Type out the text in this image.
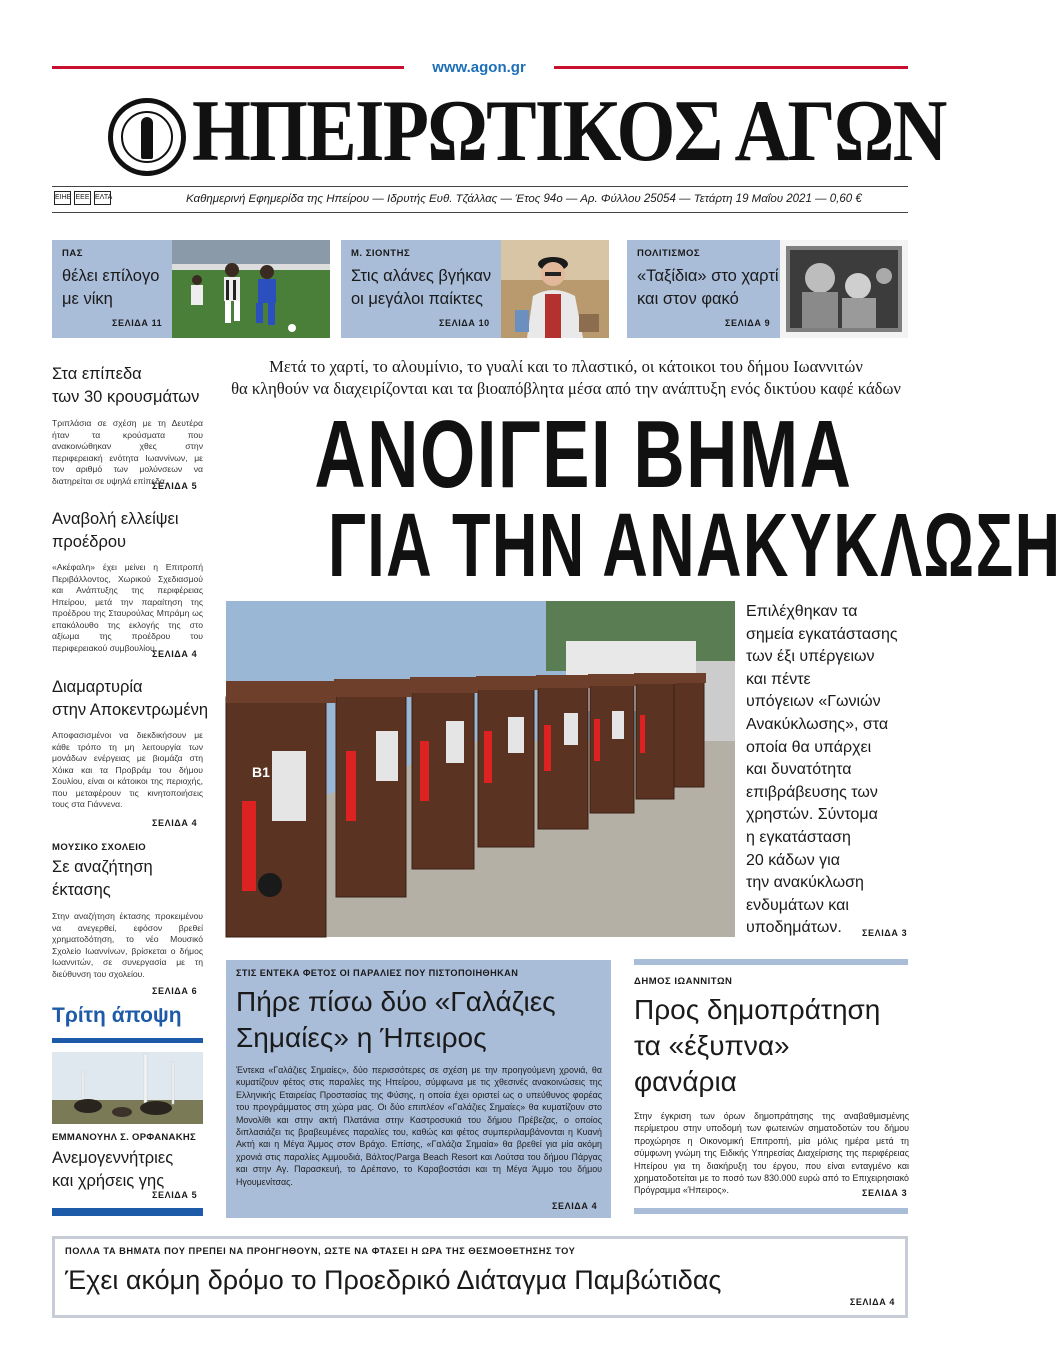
www.agon.gr
ΗΠΕΙΡΩΤΙΚΟΣ ΑΓΩΝ
ΕΙΗΕ ΕΕΕ ΕΛΤΑ	Καθημερινή Εφημερίδα της Ηπείρου — Ιδρυτής Ευθ. Τζάλλας — Έτος 94ο — Αρ. Φύλλου 25054 — Τετάρτη 19 Μαΐου 2021 — 0,60 €
ΠΑΣ
θέλει επίλογο
με νίκη
ΣΕΛΙΔΑ 11
Μ. ΣΙΟΝΤΗΣ
Στις αλάνες βγήκαν
οι μεγάλοι παίκτες
ΣΕΛΙΔΑ 10
ΠΟΛΙΤΙΣΜΟΣ
«Ταξίδια» στο χαρτί
και στον φακό
ΣΕΛΙΔΑ 9
Στα επίπεδα
των 30 κρουσμάτων
Τριπλάσια σε σχέση με τη Δευτέρα ήταν τα κρούσματα που ανακοινώθηκαν χθες στην περιφερειακή ενότητα Ιωαννίνων, με τον αριθμό των μολύνσεων να διατηρείται σε υψηλά επίπεδα.
ΣΕΛΙΔΑ 5
Αναβολή ελλείψει
προέδρου
«Ακέφαλη» έχει μείνει η Επιτροπή Περιβάλλοντος, Χωρικού Σχεδιασμού και Ανάπτυξης της περιφέρειας Ηπείρου, μετά την παραίτηση της προέδρου της Σταυρούλας Μπράμη ως επακόλουθο της εκλογής της στο αξίωμα της προέδρου του περιφερειακού συμβουλίου.
ΣΕΛΙΔΑ 4
Διαμαρτυρία
στην Αποκεντρωμένη
Αποφασισμένοι να διεκδικήσουν με κάθε τρόπο τη μη λειτουργία των μονάδων ενέργειας με βιομάζα στη Χόικα και τα Προβράμ του δήμου Σουλίου, είναι οι κάτοικοι της περιοχής, που μεταφέρουν τις κινητοποιήσεις τους στα Γιάννενα.
ΣΕΛΙΔΑ 4
ΜΟΥΣΙΚΟ ΣΧΟΛΕΙΟ
Σε αναζήτηση
έκτασης
Στην αναζήτηση έκτασης προκειμένου να ανεγερθεί, εφόσον βρεθεί χρηματοδότηση, το νέο Μουσικό Σχολείο Ιωαννίνων, βρίσκεται ο δήμος Ιωαννιτών, σε συνεργασία με τη διεύθυνση του σχολείου.
ΣΕΛΙΔΑ 6
Τρίτη άποψη
ΕΜΜΑΝΟΥΗΛ Σ. ΟΡΦΑΝΑΚΗΣ
Ανεμογεννήτριες
και χρήσεις γης
ΣΕΛΙΔΑ 5
Μετά το χαρτί, το αλουμίνιο, το γυαλί και το πλαστικό, οι κάτοικοι του δήμου Ιωαννιτών
θα κληθούν να διαχειρίζονται και τα βιοαπόβλητα μέσα από την ανάπτυξη ενός δικτύου καφέ κάδων
ΑΝΟΙΓΕΙ ΒΗΜΑ
ΓΙΑ ΤΗΝ ΑΝΑΚΥΚΛΩΣΗ
B1
Επιλέχθηκαν τα
σημεία εγκατάστασης
των έξι υπέργειων
και πέντε
υπόγειων «Γωνιών
Ανακύκλωσης», στα
οποία θα υπάρχει
και δυνατότητα
επιβράβευσης των
χρηστών. Σύντομα
η εγκατάσταση
20 κάδων για
την ανακύκλωση
ενδυμάτων και
υποδημάτων.	ΣΕΛΙΔΑ 3
ΣΤΙΣ ΕΝΤΕΚΑ ΦΕΤΟΣ ΟΙ ΠΑΡΑΛΙΕΣ ΠΟΥ ΠΙΣΤΟΠΟΙΗΘΗΚΑΝ
Πήρε πίσω δύο «Γαλάζιες
Σημαίες» η Ήπειρος
Έντεκα «Γαλάζιες Σημαίες», δύο περισσότερες σε σχέση με την προηγούμενη χρονιά, θα κυματίζουν φέτος στις παραλίες της Ηπείρου, σύμφωνα με τις χθεσινές ανακοινώσεις της Ελληνικής Εταιρείας Προστασίας της Φύσης, η οποία έχει οριστεί ως ο υπεύθυνος φορέας του προγράμματος στη χώρα μας. Οι δύο επιπλέον «Γαλάζιες Σημαίες» θα κυματίζουν στο Μονολίθι και στην ακτή Πλατάνια στην Καστροσυκιά του δήμου Πρέβεζας, ο οποίος διπλασιάζει τις βραβευμένες παραλίες του, καθώς και φέτος συμπεριλαμβάνονται η Κυανή Ακτή και η Μέγα Άμμος στον Βράχο. Επίσης, «Γαλάζια Σημαία» θα βρεθεί για μία ακόμη χρονιά στις παραλίες Αμμουδιά, Βάλτος/Parga Beach Resort και Λούτσα του δήμου Πάργας και στην Αγ. Παρασκευή, το Δρέπανο, το Καραβοστάσι και τη Μέγα Άμμο του δήμου Ηγουμενίτσας.
ΣΕΛΙΔΑ 4
ΔΗΜΟΣ ΙΩΑΝΝΙΤΩΝ
Προς δημοπράτηση
τα «έξυπνα»
φανάρια
Στην έγκριση των όρων δημοπράτησης της αναβαθμισμένης περίμετρου στην υποδομή των φωτεινών σηματοδοτών του δήμου προχώρησε η Οικονομική Επιτροπή, μία μόλις ημέρα μετά τη σύμφωνη γνώμη της Ειδικής Υπηρεσίας Διαχείρισης της περιφέρειας Ηπείρου για τη διακήρυξη του έργου, που είναι ενταγμένο και χρηματοδοτείται με το ποσό των 830.000 ευρώ από το Επιχειρησιακό Πρόγραμμα «Ήπειρος».	ΣΕΛΙΔΑ 3
ΠΟΛΛΑ ΤΑ ΒΗΜΑΤΑ ΠΟΥ ΠΡΕΠΕΙ ΝΑ ΠΡΟΗΓΗΘΟΥΝ, ΩΣΤΕ ΝΑ ΦΤΑΣΕΙ Η ΩΡΑ ΤΗΣ ΘΕΣΜΟΘΕΤΗΣΗΣ ΤΟΥ
Έχει ακόμη δρόμο το Προεδρικό Διάταγμα Παμβώτιδας
ΣΕΛΙΔΑ 4
